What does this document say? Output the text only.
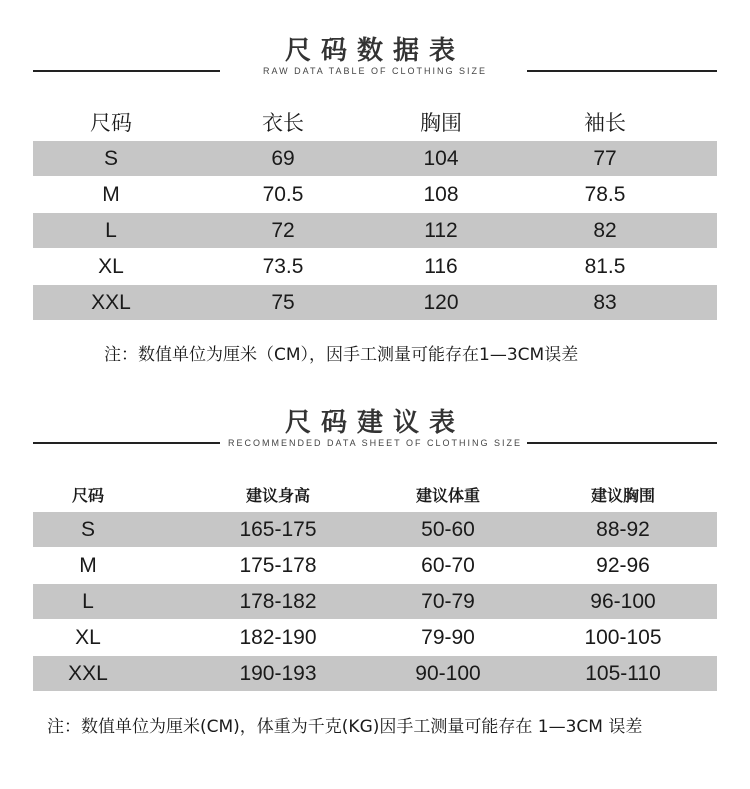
尺码数据表
RAW DATA TABLE OF CLOTHING SIZE
尺码	衣长	胸围	袖长
S	69	104	77
M	70.5	108	78.5
L	72	112	82
XL	73.5	116	81.5
XXL	75	120	83
注：数值单位为厘米（CM），因手工测量可能存在1—3CM误差
尺码建议表
RECOMMENDED DATA SHEET OF CLOTHING SIZE
尺码	建议身高	建议体重	建议胸围
S	165-175	50-60	88-92
M	175-178	60-70	92-96
L	178-182	70-79	96-100
XL	182-190	79-90	100-105
XXL	190-193	90-100	105-110
注：数值单位为厘米(CM)，体重为千克(KG)因手工测量可能存在 1—3CM 误差
